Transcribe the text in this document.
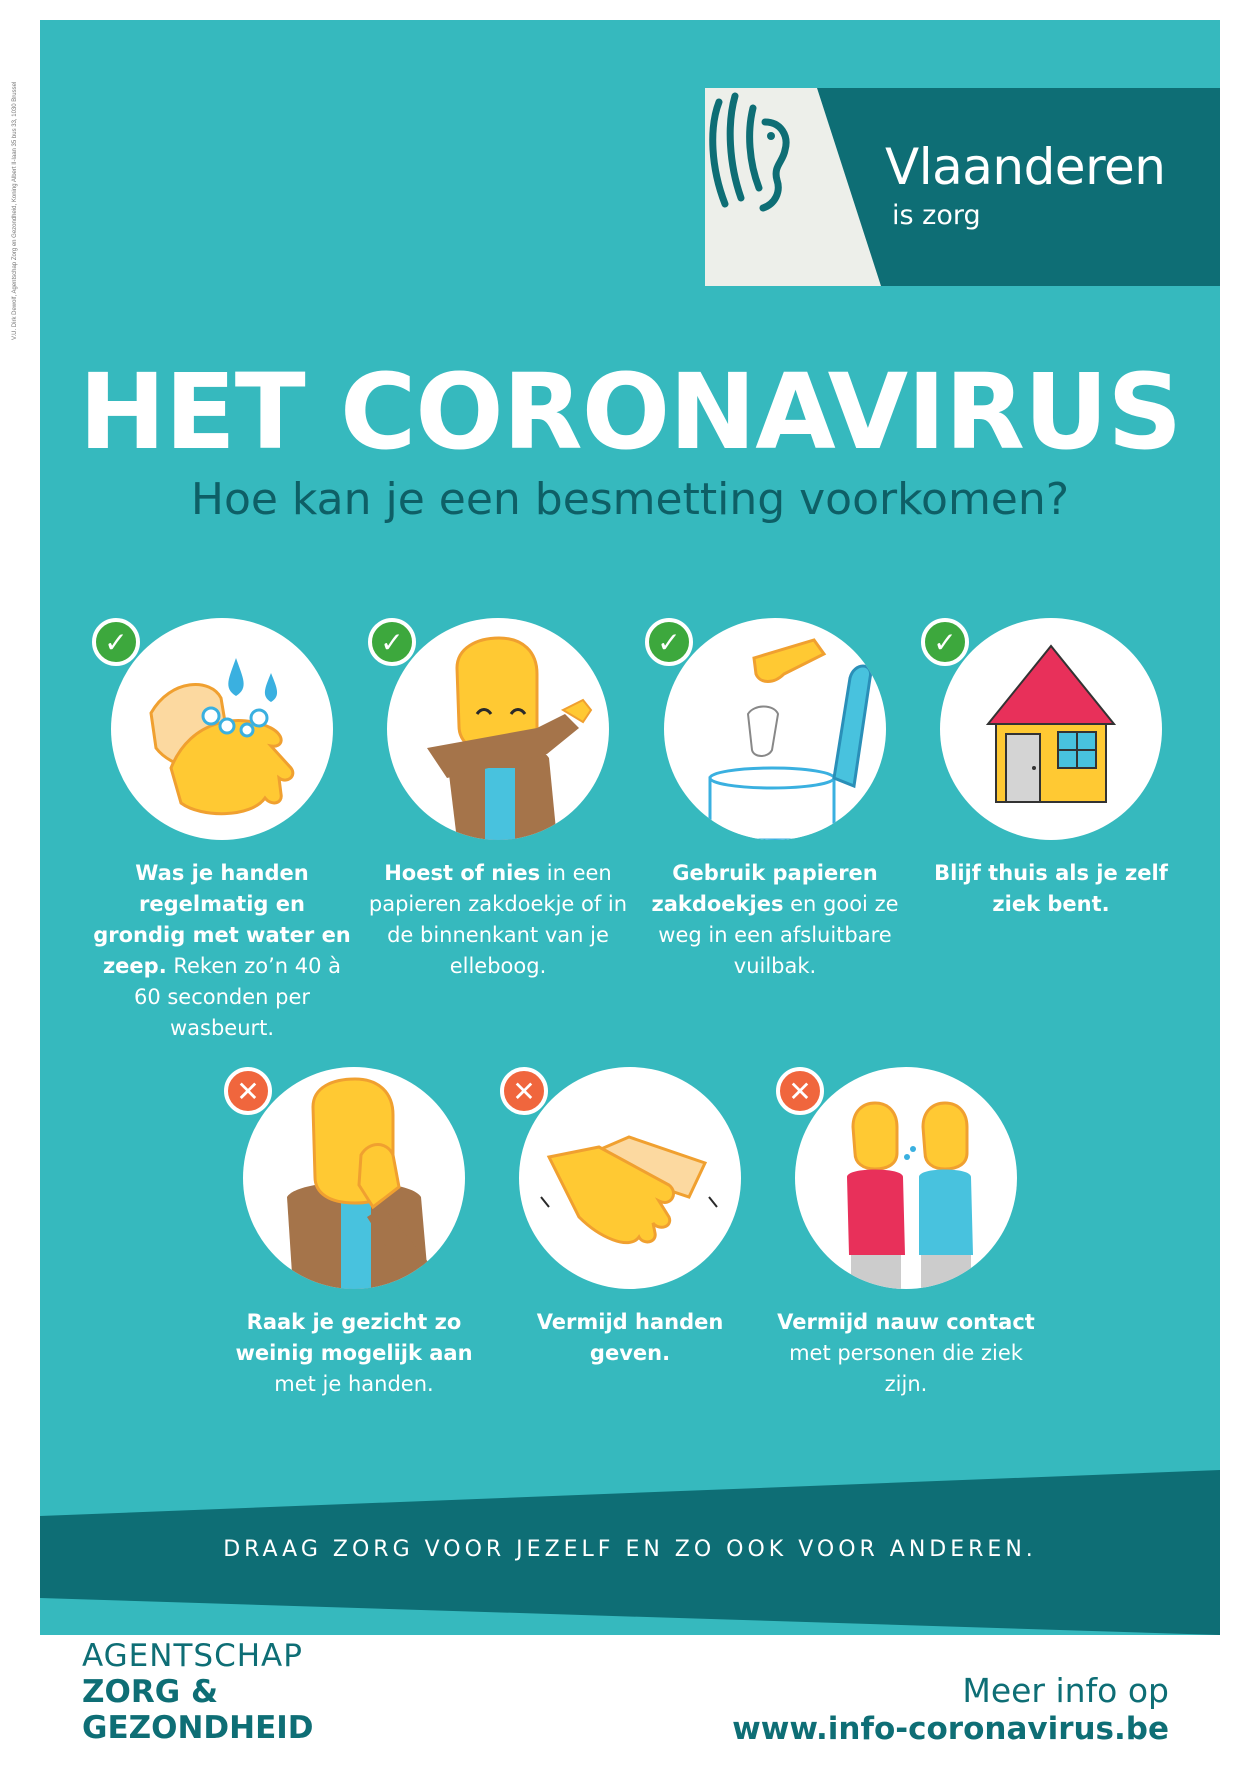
V.U. Dirk Dewolf, Agentschap Zorg en Gezondheid, Koning Albert II-laan 35 bus 33, 1030 Brussel	Vlaanderen
is zorg
HET CORONAVIRUS
Hoe kan je een besmetting voorkomen?
✓
Was je handen regelmatig en grondig met water en zeep. Reken zo’n 40 à 60 seconden per wasbeurt.
✓
Hoest of nies in een papieren zakdoekje of in de binnenkant van je elleboog.
✓
Gebruik papieren zakdoekjes en gooi ze weg in een afsluitbare vuilbak.
✓
Blijf thuis als je zelf ziek bent.
✕
Raak je gezicht zo weinig mogelijk aan met je handen.
✕
Vermijd handen geven.
✕
Vermijd nauw contact met personen die ziek zijn.
DRAAG ZORG VOOR JEZELF EN ZO OOK VOOR ANDEREN.
AGENTSCHAP
ZORG &
GEZONDHEID
Meer info op
www.info-coronavirus.be
